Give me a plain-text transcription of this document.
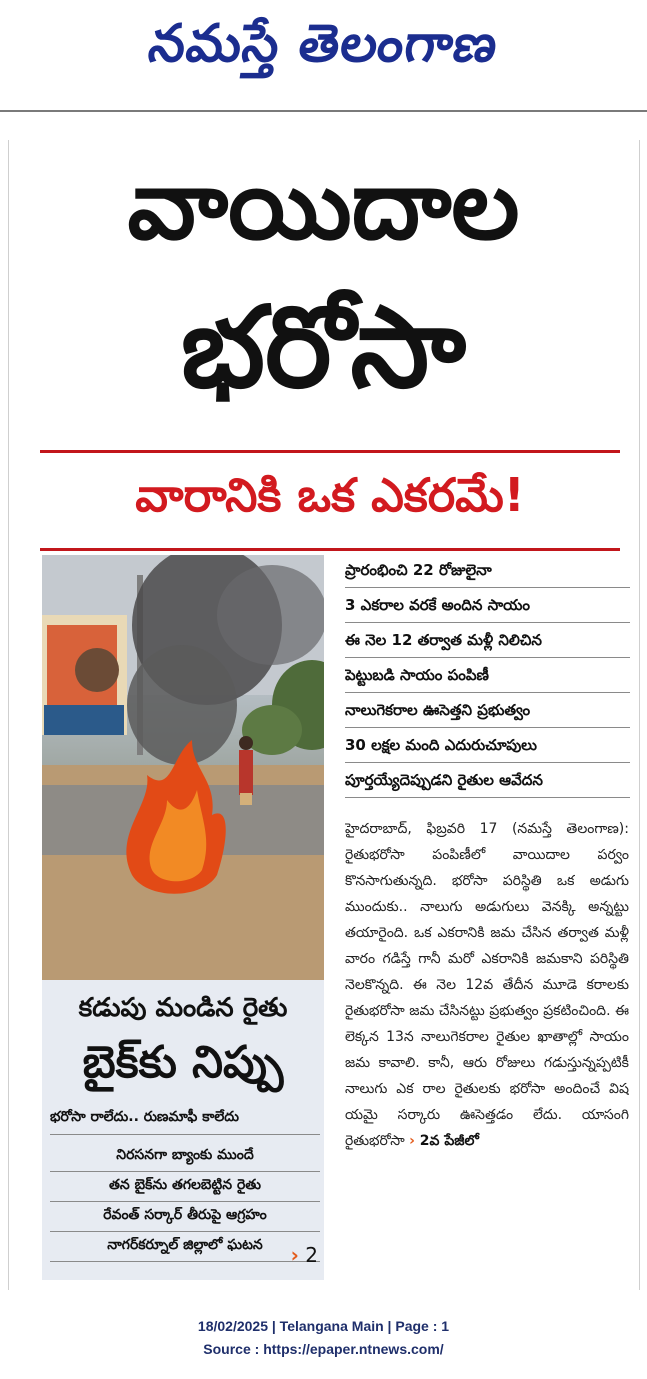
నమస్తే తెలంగాణ
వాయిదాల
భరోసా
వారానికి ఒక ఎకరమే!
కడుపు మండిన రైతు
బైక్‌కు నిప్పు
భరోసా రాలేదు.. రుణమాఫీ కాలేదు
నిరసనగా బ్యాంకు ముందే
తన బైక్‌ను తగలబెట్టిన రైతు
రేవంత్ సర్కార్ తీరుపై ఆగ్రహం
నాగర్‌కర్నూల్ జిల్లాలో ఘటన	› 2
ప్రారంభించి 22 రోజులైనా
3 ఎకరాల వరకే అందిన సాయం
ఈ నెల 12 తర్వాత మళ్లీ నిలిచిన
పెట్టుబడి సాయం పంపిణీ
నాలుగెకరాల ఊసెత్తని ప్రభుత్వం
30 లక్షల మంది ఎదురుచూపులు
పూర్తయ్యేదెప్పుడని రైతుల ఆవేదన
హైదరాబాద్, ఫిబ్రవరి 17 (నమస్తే తెలంగాణ): రైతుభరోసా పంపిణీలో వాయిదాల పర్వం కొనసాగుతున్నది. భరోసా పరిస్థితి ఒక అడుగు ముందుకు.. నాలుగు అడుగులు వెనక్కి అన్నట్టు తయారైంది. ఒక ఎకరానికి జమ చేసిన తర్వాత మళ్లీ వారం గడిస్తే గానీ మరో ఎకరానికి జమకాని పరిస్థితి నెలకొన్నది. ఈ నెల 12వ తేదీన మూడె కరాలకు రైతుభరోసా జమ చేసినట్టు ప్రభుత్వం ప్రకటించింది. ఈ లెక్కన 13న నాలుగెకరాల రైతుల ఖాతాల్లో సాయం జమ కావాలి. కానీ, ఆరు రోజులు గడుస్తున్నప్పటికీ నాలుగు ఎక రాల రైతులకు భరోసా అందించే విష యమై సర్కారు ఊసెత్తడం లేదు. యాసంగి రైతుభరోసా › 2వ పేజీలో
18/02/2025 | Telangana Main | Page : 1
Source : https://epaper.ntnews.com/
